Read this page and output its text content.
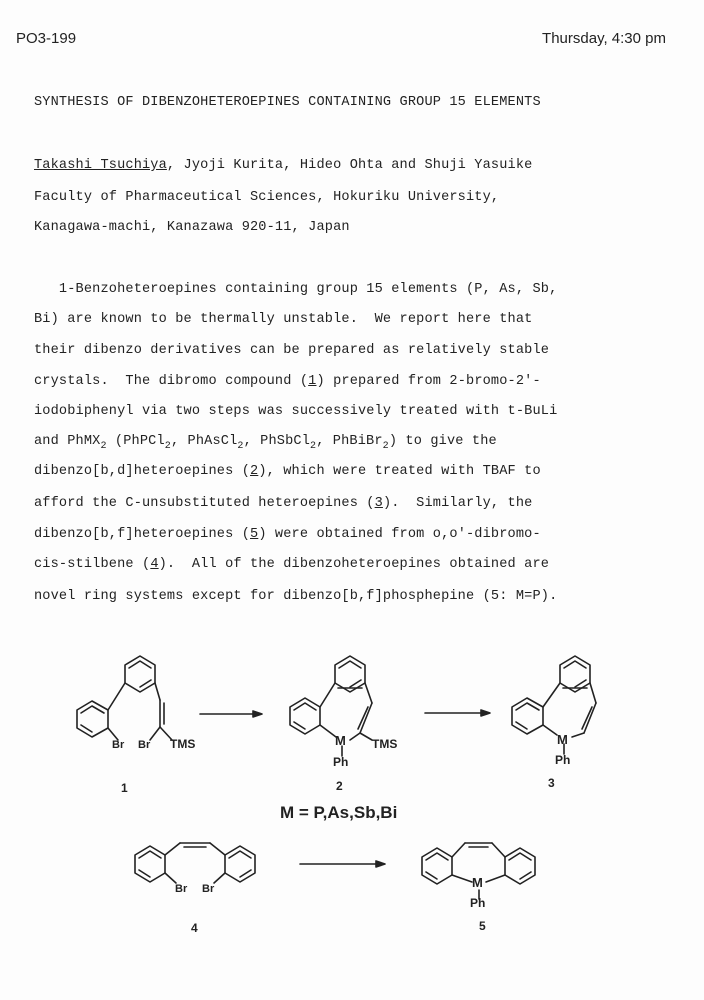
PO3-199	Thursday, 4:30 pm
SYNTHESIS OF DIBENZOHETEROEPINES CONTAINING GROUP 15 ELEMENTS
Takashi Tsuchiya, Jyoji Kurita, Hideo Ohta and Shuji Yasuike
Faculty of Pharmaceutical Sciences, Hokuriku University,
Kanagawa-machi, Kanazawa 920-11, Japan
1-Benzoheteroepines containing group 15 elements (P, As, Sb,
Bi) are known to be thermally unstable.  We report here that
their dibenzo derivatives can be prepared as relatively stable
crystals.  The dibromo compound (1) prepared from 2-bromo-2'-
iodobiphenyl via two steps was successively treated with t-BuLi
and PhMX$_2$ (PhPCl$_2$, PhAsCl$_2$, PhSbCl$_2$, PhBiBr$_2$) to give the
dibenzo[b,d]heteroepines (2), which were treated with TBAF to
afford the C-unsubstituted heteroepines (3).  Similarly, the
dibenzo[b,f]heteroepines (5) were obtained from o,o'-dibromo-
cis-stilbene (4).  All of the dibenzoheteroepines obtained are
novel ring systems except for dibenzo[b,f]phosphepine (5: M=P).
Br Br TMS	M
Ph
TMS	M
Ph
Br Br	M
Ph
1	2	3
4	5
M = P,As,Sb,Bi
